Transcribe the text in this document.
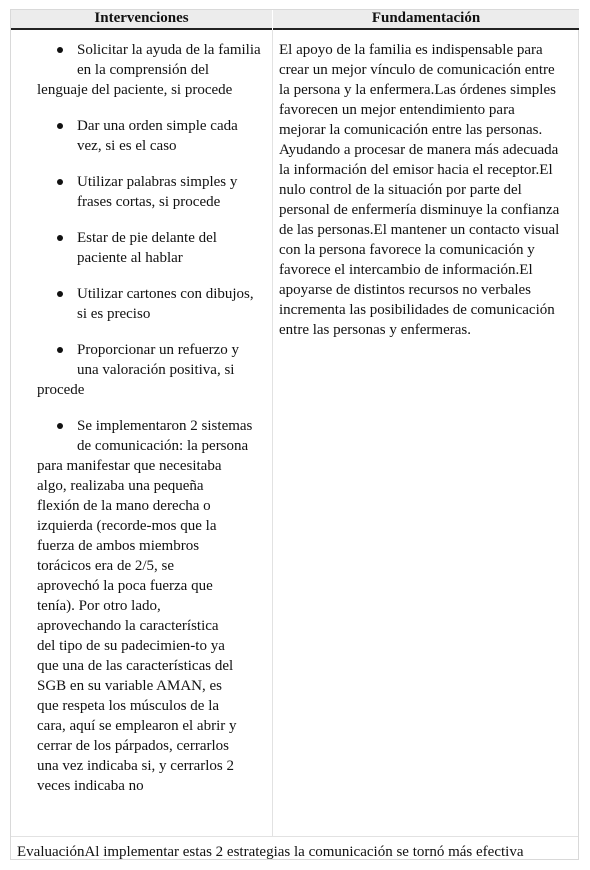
Intervenciones	Fundamentación
Solicitar la ayuda de la familia
en la comprensión del
lenguaje del paciente, si procede
Dar una orden simple cada
vez, si es el caso
Utilizar palabras simples y
frases cortas, si procede
Estar de pie delante del
paciente al hablar
Utilizar cartones con dibujos,
si es preciso
Proporcionar un refuerzo y
una valoración positiva, si
procede
Se implementaron 2 sistemas
de comunicación: la persona
para manifestar que necesitaba
algo, realizaba una pequeña
flexión de la mano derecha o
izquierda (recorde-mos que la
fuerza de ambos miembros
torácicos era de 2/5, se
aprovechó la poca fuerza que
tenía). Por otro lado,
aprovechando la característica
del tipo de su padecimien-to ya
que una de las características del
SGB en su variable AMAN, es
que respeta los músculos de la
cara, aquí se emplearon el abrir y
cerrar de los párpados, cerrarlos
una vez indicaba si, y cerrarlos 2
veces indicaba no
El apoyo de la familia es indispensable para
crear un mejor vínculo de comunicación entre
la persona y la enfermera.Las órdenes simples
favorecen un mejor entendimiento para
mejorar la comunicación entre las personas.
Ayudando a procesar de manera más adecuada
la información del emisor hacia el receptor.El
nulo control de la situación por parte del
personal de enfermería disminuye la confianza
de las personas.El mantener un contacto visual
con la persona favorece la comunicación y
favorece el intercambio de información.El
apoyarse de distintos recursos no verbales
incrementa las posibilidades de comunicación
entre las personas y enfermeras.
EvaluaciónAl implementar estas 2 estrategias la comunicación se tornó más efectiva
